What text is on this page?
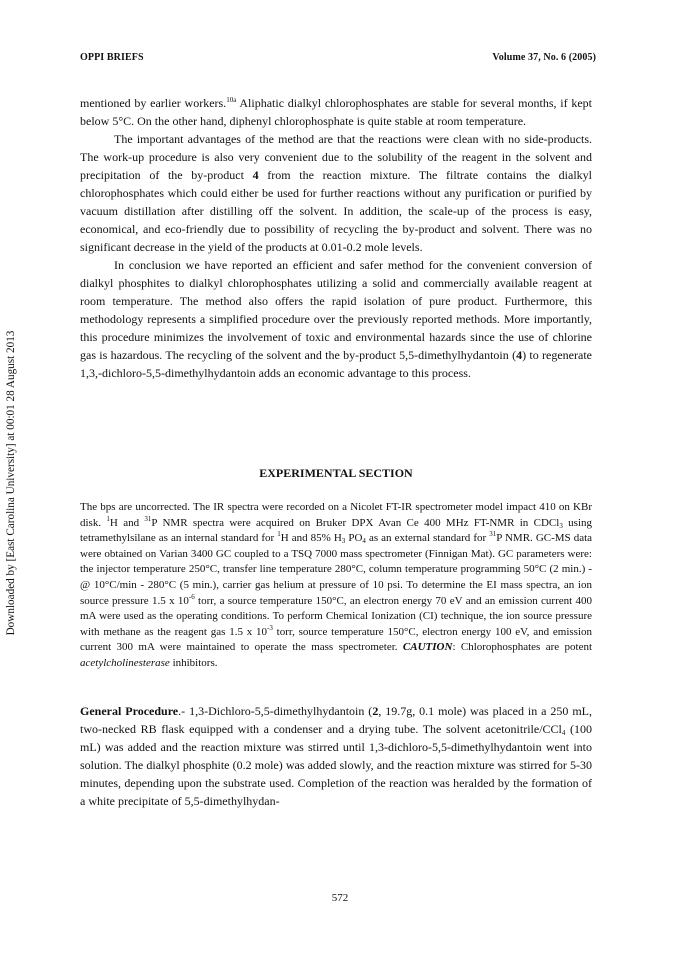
OPPI BRIEFS	Volume 37, No. 6 (2005)
Downloaded by [East Carolina University] at 00:01 28 August 2013

mentioned by earlier workers.$^{10a}$ Aliphatic dialkyl chlorophosphates are stable for several months, if kept below 5°C. On the other hand, diphenyl chlorophosphate is quite stable at room temperature.

The important advantages of the method are that the reactions were clean with no side-products. The work-up procedure is also very convenient due to the solubility of the reagent in the solvent and precipitation of the by-product 4 from the reaction mixture. The filtrate contains the dialkyl chlorophosphates which could either be used for further reactions without any purification or purified by vacuum distillation after distilling off the solvent. In addition, the scale-up of the process is easy, economical, and eco-friendly due to possibility of recycling the by-product and solvent. There was no significant decrease in the yield of the products at 0.01-0.2 mole levels.

In conclusion we have reported an efficient and safer method for the convenient conversion of dialkyl phosphites to dialkyl chlorophosphates utilizing a solid and commercially available reagent at room temperature. The method also offers the rapid isolation of pure product. Furthermore, this methodology represents a simplified procedure over the previously reported methods. More importantly, this procedure minimizes the involvement of toxic and environmental hazards since the use of chlorine gas is hazardous. The recycling of the solvent and the by-product 5,5-dimethylhydantoin (4) to regenerate 1,3,-dichloro-5,5-dimethylhydantoin adds an economic advantage to this process.

EXPERIMENTAL SECTION

The bps are uncorrected. The IR spectra were recorded on a Nicolet FT-IR spectrometer model impact 410 on KBr disk. $^1$H and $^{31}$P NMR spectra were acquired on Bruker DPX Avan Ce 400 MHz FT-NMR in CDCl$_3$ using tetramethylsilane as an internal standard for $^1$H and 85% $H_3$ $PO_4$ as an external standard for $^{31}$P NMR. GC-MS data were obtained on Varian 3400 GC coupled to a TSQ 7000 mass spectrometer (Finnigan Mat). GC parameters were: the injector temperature 250°C, transfer line temperature 280°C, column temperature programming 50°C (2 min.) - @ 10°C/min - 280°C (5 min.), carrier gas helium at pressure of 10 psi. To determine the EI mass spectra, an ion source pressure 1.5 x $10^{-6}$ torr, a source temperature 150°C, an electron energy 70 eV and an emission current 400 mA were used as the operating conditions. To perform Chemical Ionization (CI) technique, the ion source pressure with methane as the reagent gas 1.5 x $10^{-3}$ torr, source temperature 150°C, electron energy 100 eV, and emission current 300 mA were maintained to operate the mass spectrometer. CAUTION: Chlorophosphates are potent acetylcholinesterase inhibitors.

General Procedure.- 1,3-Dichloro-5,5-dimethylhydantoin (2, 19.7g, 0.1 mole) was placed in a 250 mL, two-necked RB flask equipped with a condenser and a drying tube. The solvent acetonitrile/CCl$_4$ (100 mL) was added and the reaction mixture was stirred until 1,3-dichloro-5,5-dimethylhydantoin went into solution. The dialkyl phosphite (0.2 mole) was added slowly, and the reaction mixture was stirred for 5-30 minutes, depending upon the substrate used. Completion of the reaction was heralded by the formation of a white precipitate of 5,5-dimethylhydan-

572
